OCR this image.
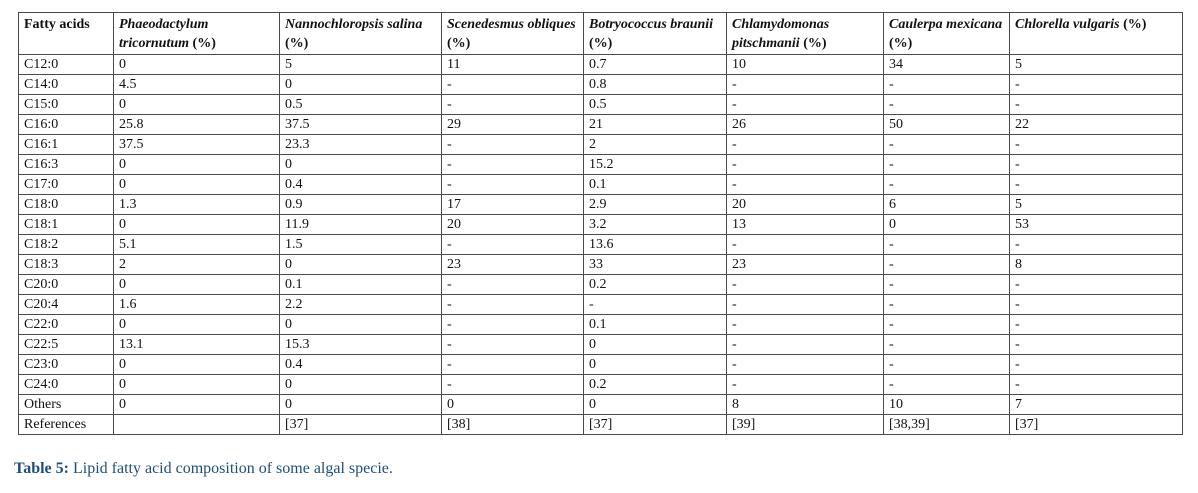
Fatty acids	Phaeodactylum tricornutum (%)	Nannochloropsis salina (%)	Scenedesmus obliques (%)	Botryococcus braunii (%)	Chlamydomonas pitschmanii (%)	Caulerpa mexicana (%)	Chlorella vulgaris (%)
C12:0	0	5	11	0.7	10	34	5
C14:0	4.5	0	-	0.8	-	-	-
C15:0	0	0.5	-	0.5	-	-	-
C16:0	25.8	37.5	29	21	26	50	22
C16:1	37.5	23.3	-	2	-	-	-
C16:3	0	0	-	15.2	-	-	-
C17:0	0	0.4	-	0.1	-	-	-
C18:0	1.3	0.9	17	2.9	20	6	5
C18:1	0	11.9	20	3.2	13	0	53
C18:2	5.1	1.5	-	13.6	-	-	-
C18:3	2	0	23	33	23	-	8
C20:0	0	0.1	-	0.2	-	-	-
C20:4	1.6	2.2	-	-	-	-	-
C22:0	0	0	-	0.1	-	-	-
C22:5	13.1	15.3	-	0	-	-	-
C23:0	0	0.4	-	0	-	-	-
C24:0	0	0	-	0.2	-	-	-
Others	0	0	0	0	8	10	7
References		[37]	[38]	[37]	[39]	[38,39]	[37]
Table 5: Lipid fatty acid composition of some algal specie.
